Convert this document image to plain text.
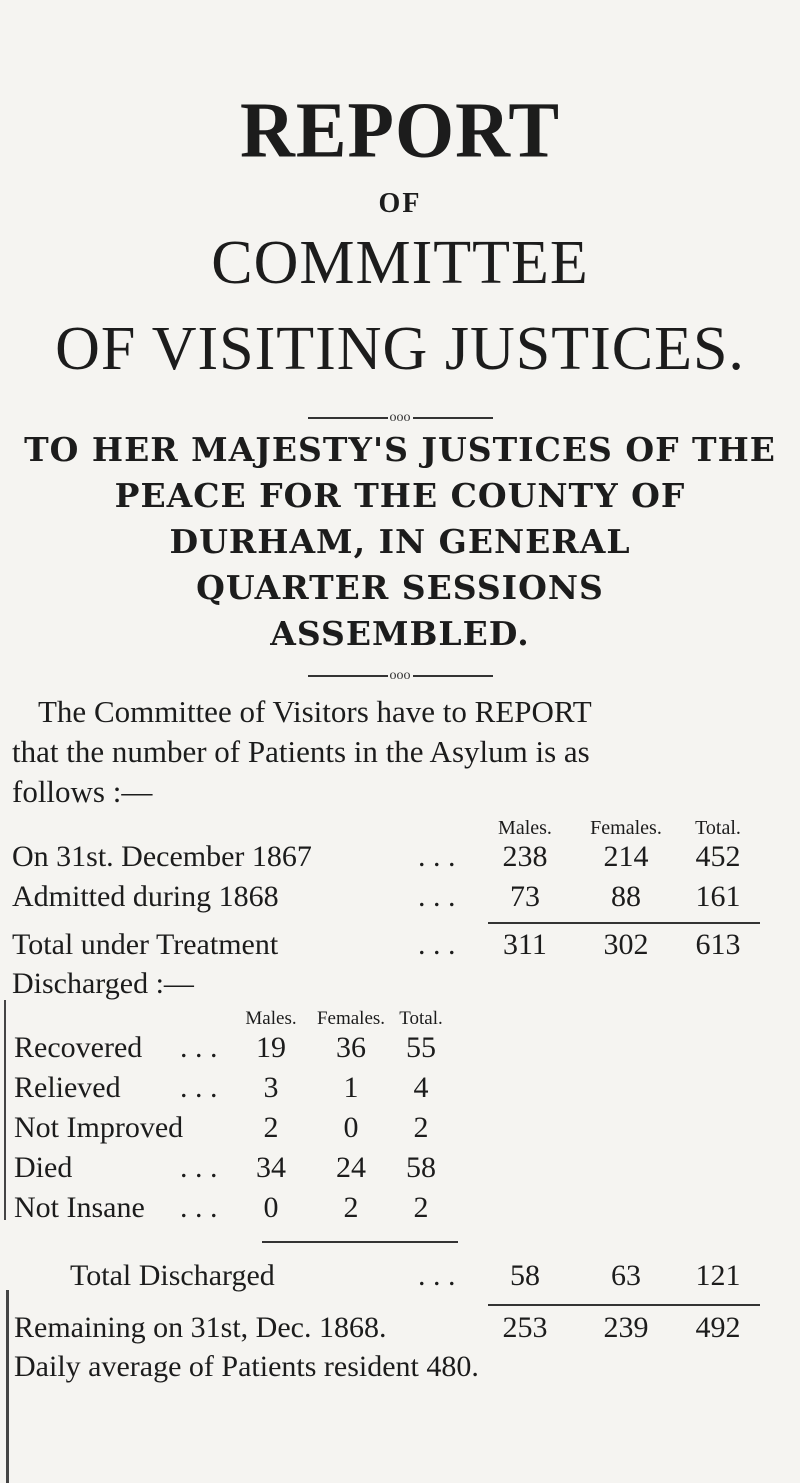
REPORT
OF
COMMITTEE
OF VISITING JUSTICES.
ooo
TO HER MAJESTY'S JUSTICES OF THE
PEACE FOR THE COUNTY OF
DURHAM, IN GENERAL
QUARTER SESSIONS
ASSEMBLED.
ooo
The Committee of Visitors have to REPORT
that the number of Patients in the Asylum is as
follows :—
Males.	Females.	Total.
On 31st. December 1867	. . .	238	214	452
Admitted during 1868	. . .	73	88	161
Total under Treatment	. . .	311	302	613
Discharged :—
Males.	Females. Total.
Recovered . . .	19	36	55
Relieved . . .	3	1	4
Not Improved	2	0	2
Died	. . .	34	24	58
Not Insane . . .	0	2	2
Total Discharged	. . .	58	63	121
Remaining on 31st, Dec. 1868.	253	239	492
Daily average of Patients resident 480.
